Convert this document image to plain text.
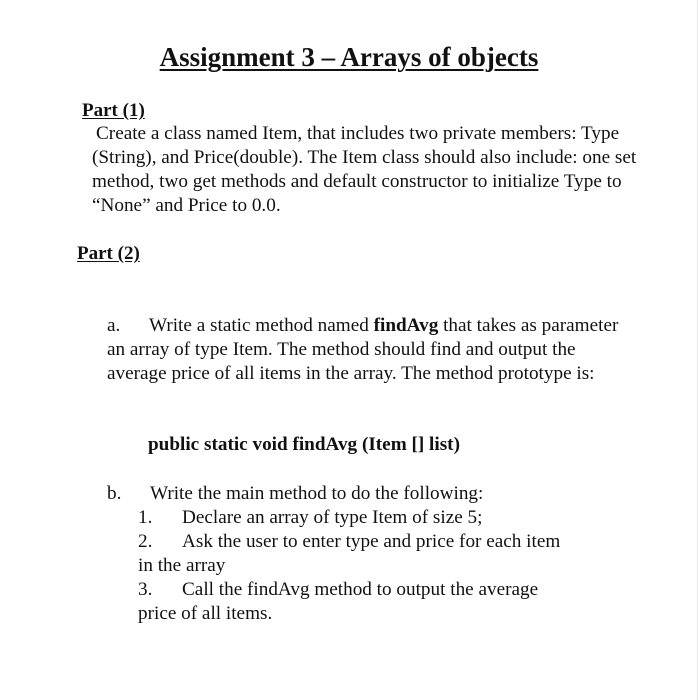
Assignment 3 – Arrays of objects

Part (1)

Create a class named Item, that includes two private members: Type (String), and Price(double). The Item class should also include: one set method, two get methods and default constructor to initialize Type to “None” and Price to 0.0.

Part (2)

a.	Write a static method named findAvg that takes as parameter an array of type Item. The method should find and output the average price of all items in the array. The method prototype is:

public static void findAvg (Item [] list)

b. Write the main method to do the following:

1. Declare an array of type Item of size 5;

2. Ask the user to enter type and price for each item in the array

3. Call the findAvg method to output the average price of all items.
